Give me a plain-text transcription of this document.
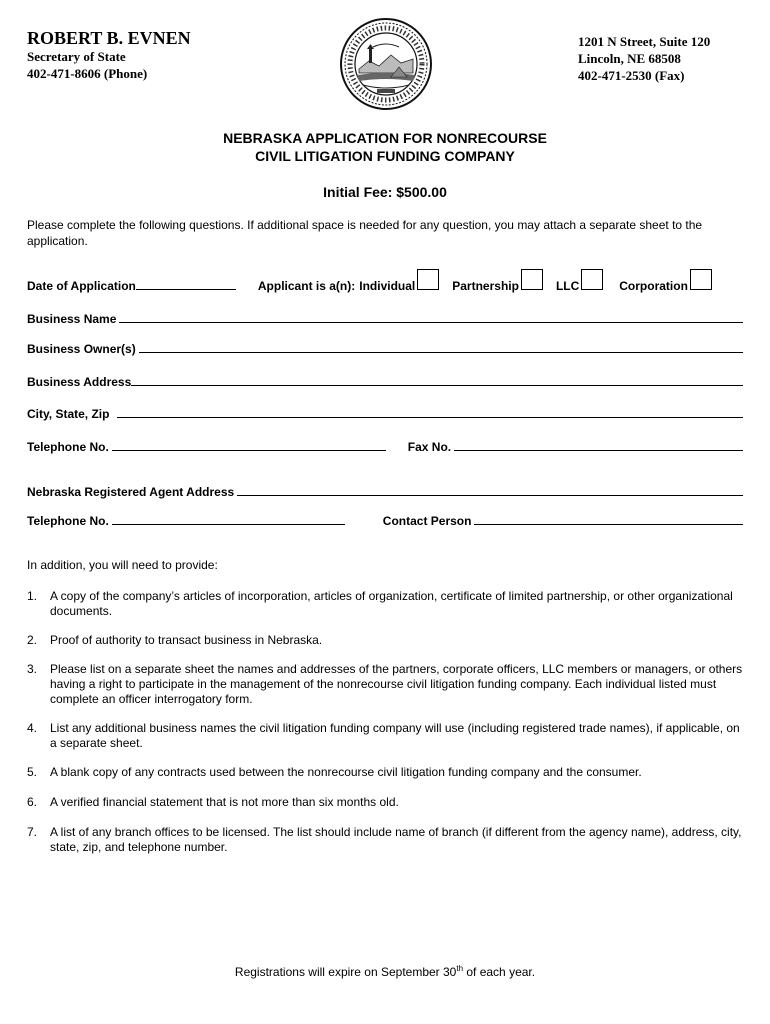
ROBERT B. EVNEN
Secretary of State
402-471-8606 (Phone)
1201 N Street, Suite 120
Lincoln, NE 68508
402-471-2530 (Fax)
NEBRASKA APPLICATION FOR NONRECOURSE
CIVIL LITIGATION FUNDING COMPANY
Initial Fee: $500.00
Please complete the following questions. If additional space is needed for any question, you may attach a separate sheet to the application.
Date of Application	Applicant is a(n): Individual	Partnership	LLC	Corporation
Business Name
Business Owner(s)
Business Address
City, State, Zip
Telephone No.	Fax No.
Nebraska Registered Agent Address
Telephone No.	Contact Person
In addition, you will need to provide:
1.	A copy of the company’s articles of incorporation, articles of organization, certificate of limited partnership, or other organizational documents.
2.	Proof of authority to transact business in Nebraska.
3.	Please list on a separate sheet the names and addresses of the partners, corporate officers, LLC members or managers, or others having a right to participate in the management of the nonrecourse civil litigation funding company. Each individual listed must complete an officer interrogatory form.
4.	List any additional business names the civil litigation funding company will use (including registered trade names), if applicable, on a separate sheet.
5.	A blank copy of any contracts used between the nonrecourse civil litigation funding company and the consumer.
6.	A verified financial statement that is not more than six months old.
7.	A list of any branch offices to be licensed. The list should include name of branch (if different from the agency name), address, city, state, zip, and telephone number.
Registrations will expire on September 30th of each year.
